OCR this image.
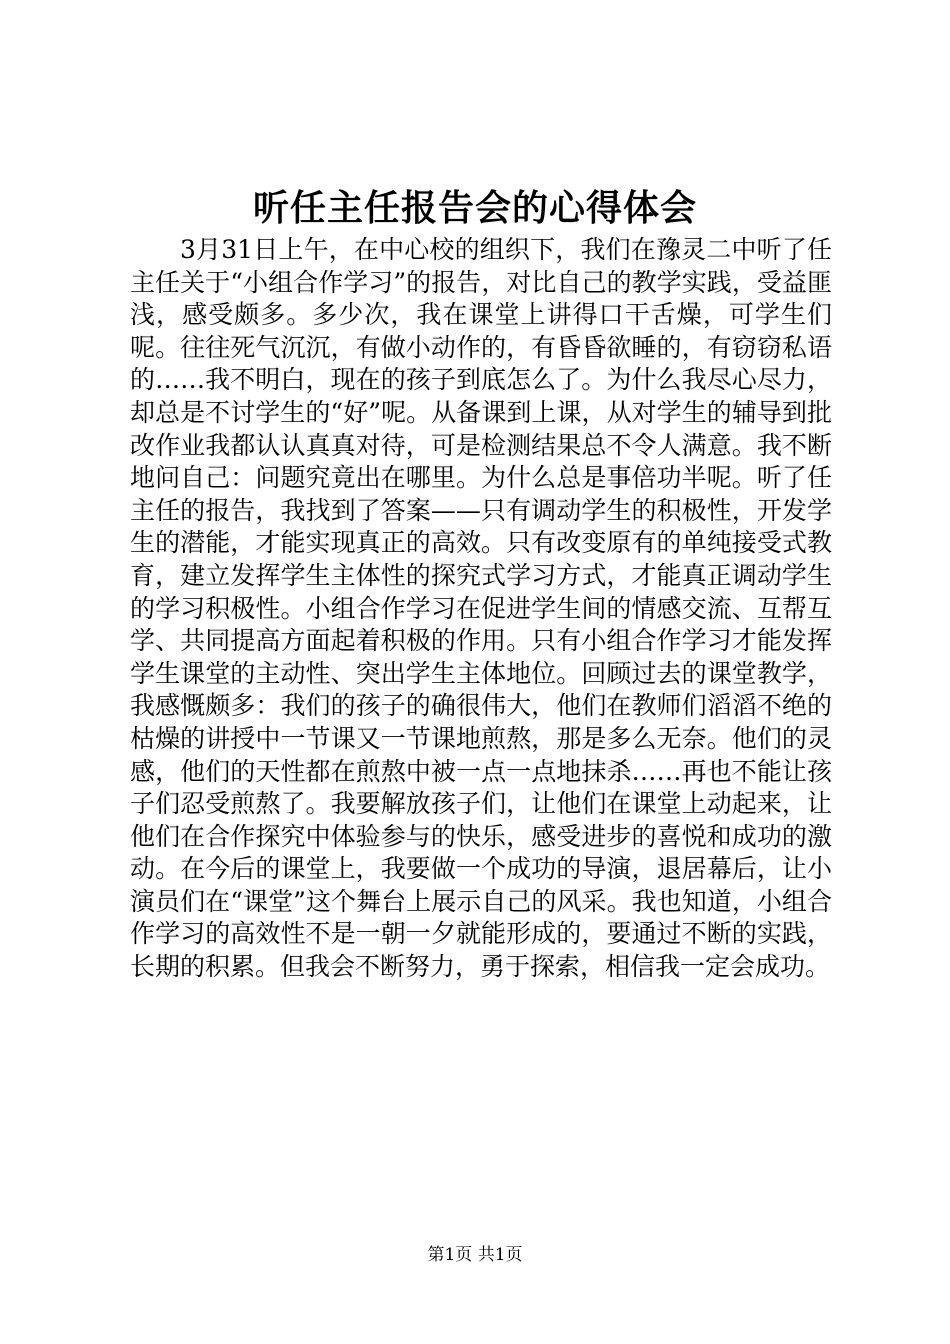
听任主任报告会的心得体会

3月31日上午，在中心校的组织下，我们在豫灵二中听了任主任关于“小组合作学习”的报告，对比自己的教学实践，受益匪浅，感受颇多。多少次，我在课堂上讲得口干舌燥，可学生们呢。往往死气沉沉，有做小动作的，有昏昏欲睡的，有窃窃私语的……我不明白，现在的孩子到底怎么了。为什么我尽心尽力，却总是不讨学生的“好”呢。从备课到上课，从对学生的辅导到批改作业我都认认真真对待，可是检测结果总不令人满意。我不断地问自己：问题究竟出在哪里。为什么总是事倍功半呢。听了任主任的报告，我找到了答案——只有调动学生的积极性，开发学生的潜能，才能实现真正的高效。只有改变原有的单纯接受式教育，建立发挥学生主体性的探究式学习方式，才能真正调动学生的学习积极性。小组合作学习在促进学生间的情感交流、互帮互学、共同提高方面起着积极的作用。只有小组合作学习才能发挥学生课堂的主动性、突出学生主体地位。回顾过去的课堂教学，我感慨颇多：我们的孩子的确很伟大，他们在教师们滔滔不绝的枯燥的讲授中一节课又一节课地煎熬，那是多么无奈。他们的灵感，他们的天性都在煎熬中被一点一点地抹杀……再也不能让孩子们忍受煎熬了。我要解放孩子们，让他们在课堂上动起来，让他们在合作探究中体验参与的快乐，感受进步的喜悦和成功的激动。在今后的课堂上，我要做一个成功的导演，退居幕后，让小演员们在“课堂”这个舞台上展示自己的风采。我也知道，小组合作学习的高效性不是一朝一夕就能形成的，要通过不断的实践，长期的积累。但我会不断努力，勇于探索，相信我一定会成功。

第1页 共1页
